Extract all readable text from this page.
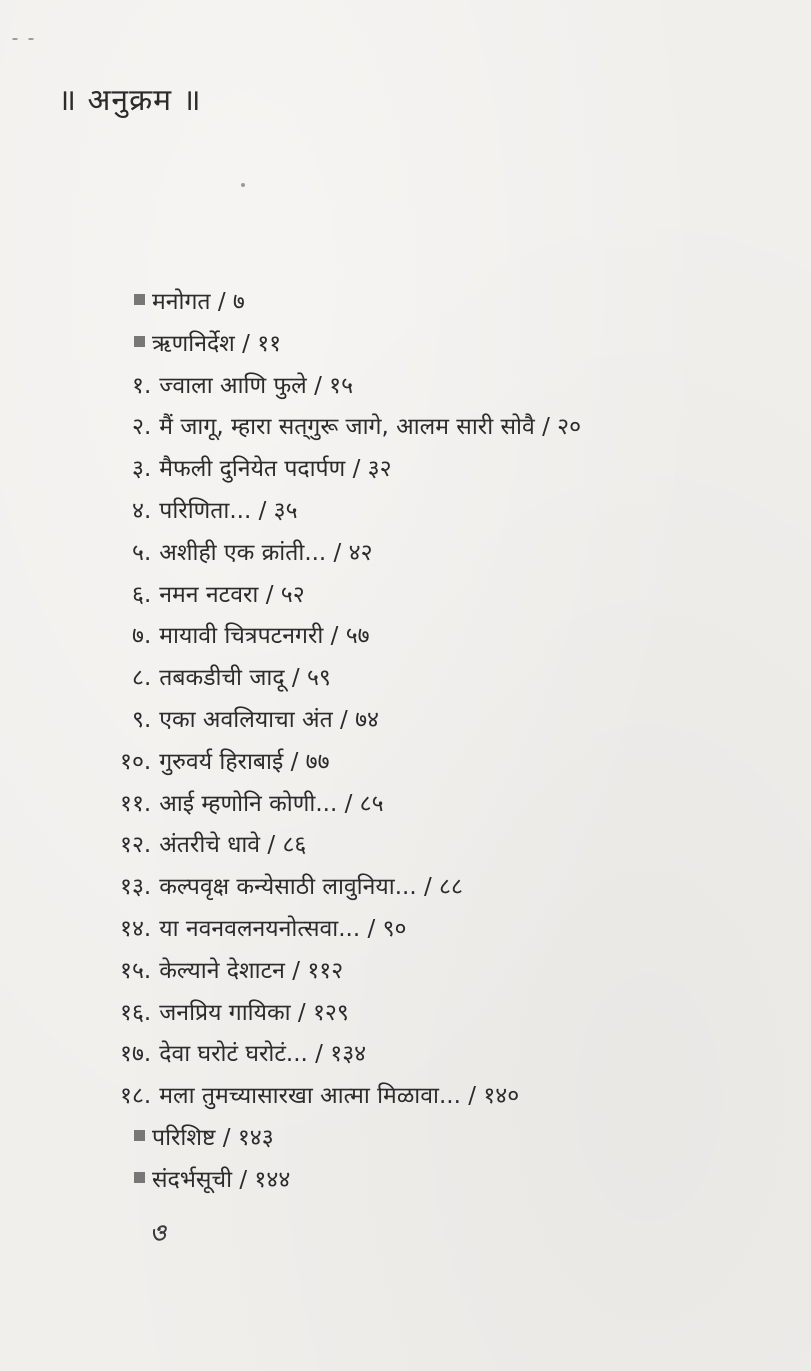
॥ अनुक्रम ॥
मनोगत / ७
ऋणनिर्देश / ११
१. ज्वाला आणि फुले / १५
२. मैं जागू, म्हारा सत्‌गुरू जागे, आलम सारी सोवै / २०
३. मैफली दुनियेत पदार्पण / ३२
४. परिणिता... / ३५
५. अशीही एक क्रांती... / ४२
६. नमन नटवरा / ५२
७. मायावी चित्रपटनगरी / ५७
८. तबकडीची जादू / ५९
९. एका अवलियाचा अंत / ७४
१०. गुरुवर्य हिराबाई / ७७
११. आई म्हणोनि कोणी... / ८५
१२. अंतरीचे धावे / ८६
१३. कल्पवृक्ष कन्येसाठी लावुनिया... / ८८
१४. या नवनवलनयनोत्सवा... / ९०
१५. केल्याने देशाटन / ११२
१६. जनप्रिय गायिका / १२९
१७. देवा घरोटं घरोटं... / १३४
१८. मला तुमच्यासारखा आत्मा मिळावा... / १४०
परिशिष्ट / १४३
संदर्भसूची / १४४
ও
